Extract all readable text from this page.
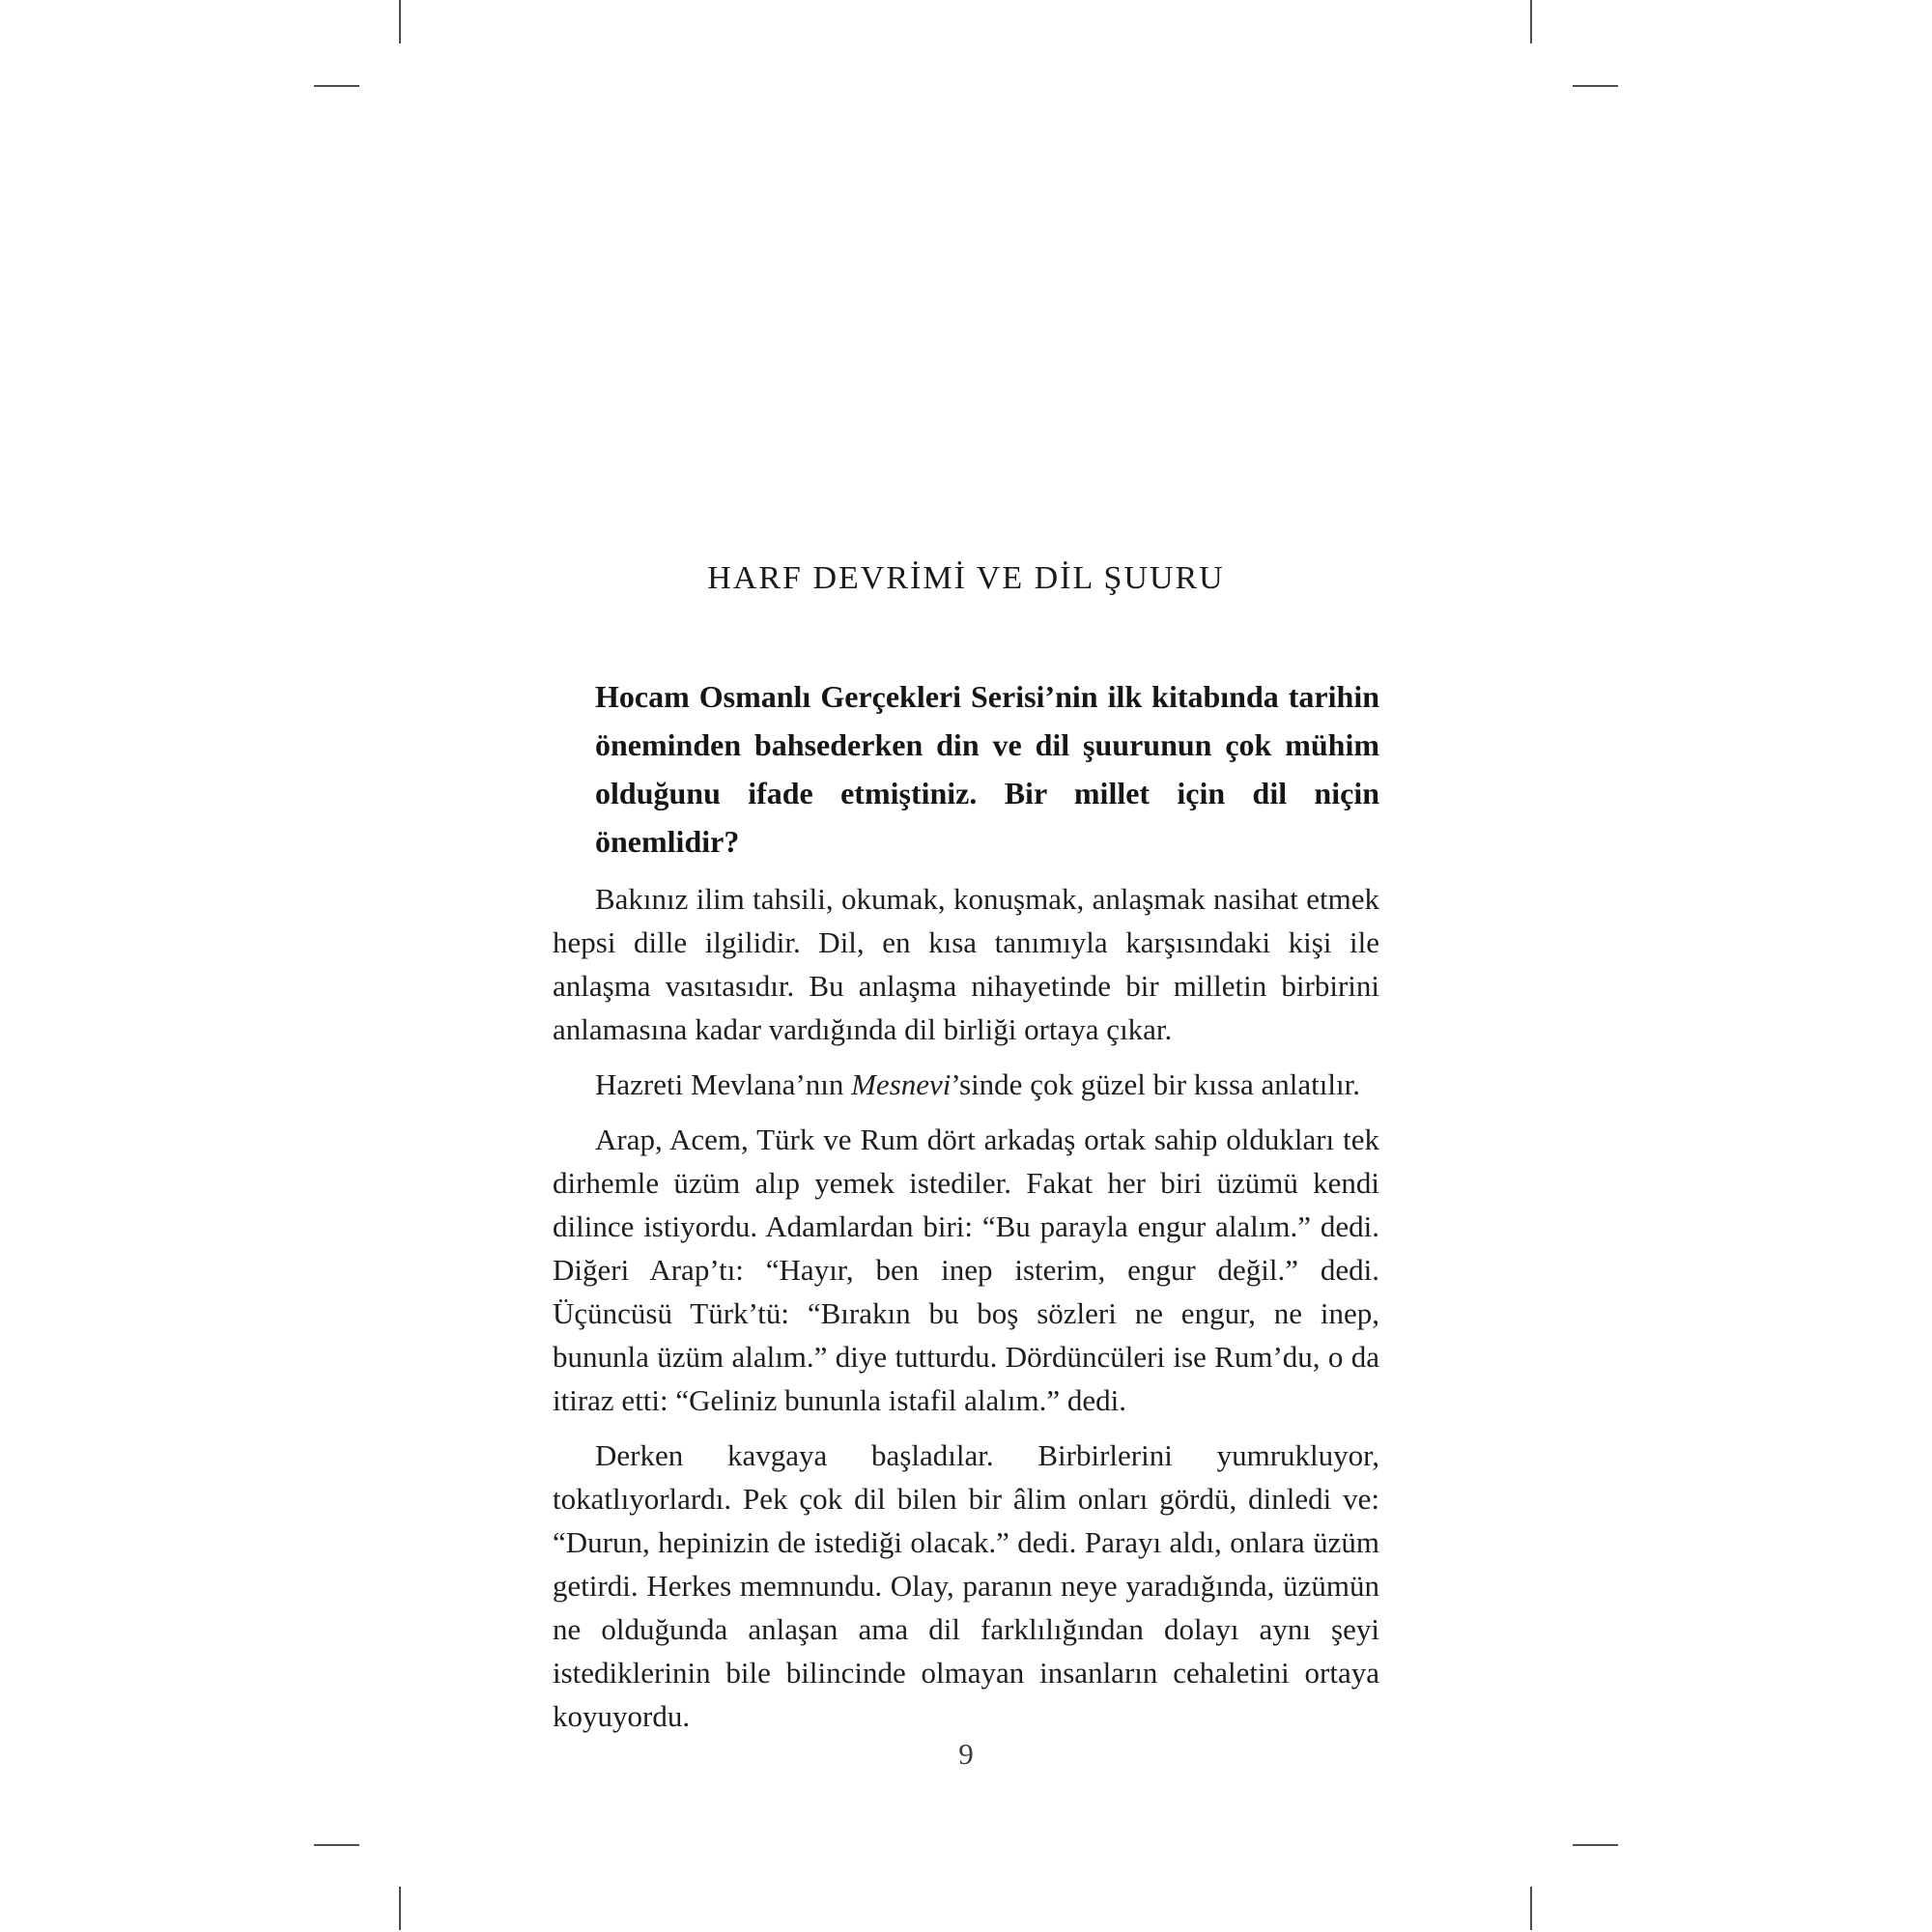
HARF DEVRİMİ VE DİL ŞUURU

Hocam Osmanlı Gerçekleri Serisi’nin ilk kitabında tarihin öneminden bahsederken din ve dil şuurunun çok mühim olduğunu ifade etmiştiniz. Bir millet için dil niçin önemlidir?

Bakınız ilim tahsili, okumak, konuşmak, anlaşmak nasihat etmek hepsi dille ilgilidir. Dil, en kısa tanımıyla karşısındaki kişi ile anlaşma vasıtasıdır. Bu anlaşma nihayetinde bir milletin birbirini anlamasına kadar vardığında dil birliği ortaya çıkar.

Hazreti Mevlana’nın Mesnevi’sinde çok güzel bir kıssa anlatılır.

Arap, Acem, Türk ve Rum dört arkadaş ortak sahip oldukları tek dirhemle üzüm alıp yemek istediler. Fakat her biri üzümü kendi dilince istiyordu. Adamlardan biri: “Bu parayla engur alalım.” dedi. Diğeri Arap’tı: “Hayır, ben inep isterim, engur değil.” dedi. Üçüncüsü Türk’tü: “Bırakın bu boş sözleri ne engur, ne inep, bununla üzüm alalım.” diye tutturdu. Dördüncüleri ise Rum’du, o da itiraz etti: “Geliniz bununla istafil alalım.” dedi.

Derken kavgaya başladılar. Birbirlerini yumrukluyor, tokatlıyorlardı. Pek çok dil bilen bir âlim onları gördü, dinledi ve: “Durun, hepinizin de istediği olacak.” dedi. Parayı aldı, onlara üzüm getirdi. Herkes memnundu. Olay, paranın neye yaradığında, üzümün ne olduğunda anlaşan ama dil farklılığından dolayı aynı şeyi istediklerinin bile bilincinde olmayan insanların cehaletini ortaya koyuyordu.

9
